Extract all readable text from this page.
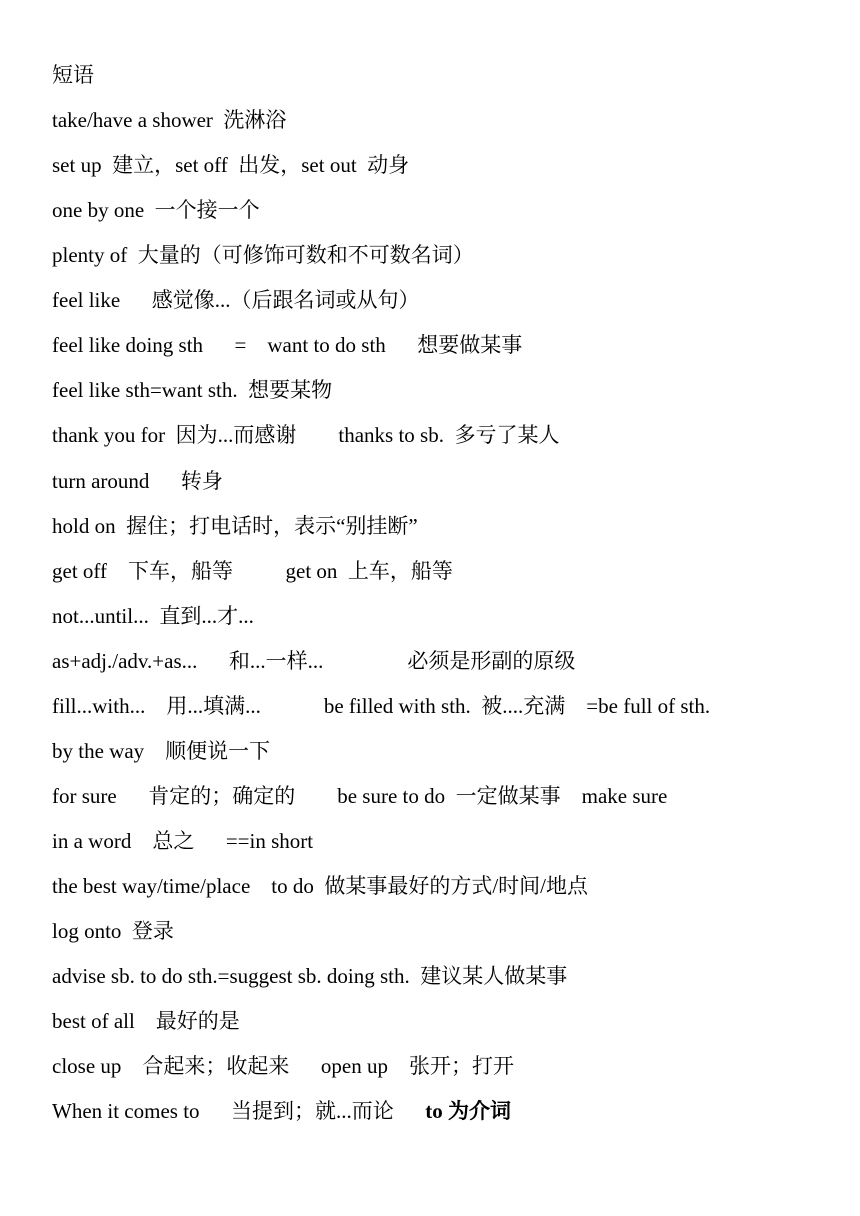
短语
take/have a shower  洗淋浴
set up  建立，set off  出发，set out  动身
one by one  一个接一个
plenty of  大量的（可修饰可数和不可数名词）
feel like      感觉像...（后跟名词或从句）
feel like doing sth      =    want to do sth      想要做某事
feel like sth=want sth.  想要某物
thank you for  因为...而感谢        thanks to sb.  多亏了某人
turn around      转身
hold on  握住；打电话时，表示“别挂断”
get off    下车，船等          get on  上车，船等
not...until...  直到...才...
as+adj./adv.+as...      和...一样...                必须是形副的原级
fill...with...    用...填满...            be filled with sth.  被....充满    =be full of sth.
by the way    顺便说一下
for sure      肯定的；确定的        be sure to do  一定做某事    make sure
in a word    总之      ==in short
the best way/time/place    to do  做某事最好的方式/时间/地点
log onto  登录
advise sb. to do sth.=suggest sb. doing sth.  建议某人做某事
best of all    最好的是
close up    合起来；收起来      open up    张开；打开
When it comes to      当提到；就...而论      to 为介词
